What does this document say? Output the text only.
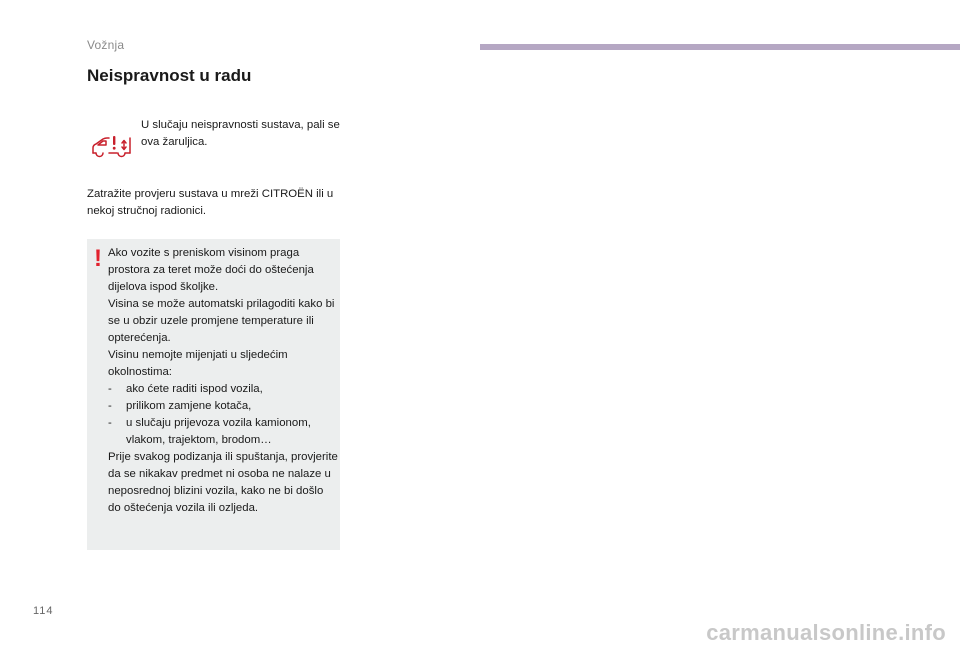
Vožnja
Neispravnost u radu
U slučaju neispravnosti sustava, pali se ova žaruljica.
Zatražite provjeru sustava u mreži CITROËN ili u nekoj stručnoj radionici.
! Ako vozite s preniskom visinom praga prostora za teret može doći do oštećenja dijelova ispod školjke.

Visina se može automatski prilagoditi kako bi se u obzir uzele promjene temperature ili opterećenja.

Visinu nemojte mijenjati u sljedećim okolnostima:

- ako ćete raditi ispod vozila,
- prilikom zamjene kotača,
- u slučaju prijevoza vozila kamionom, vlakom, trajektom, brodom…

Prije svakog podizanja ili spuštanja, provjerite da se nikakav predmet ni osoba ne nalaze u neposrednoj blizini vozila, kako ne bi došlo do oštećenja vozila ili ozljeda.

114
carmanualsonline.info
